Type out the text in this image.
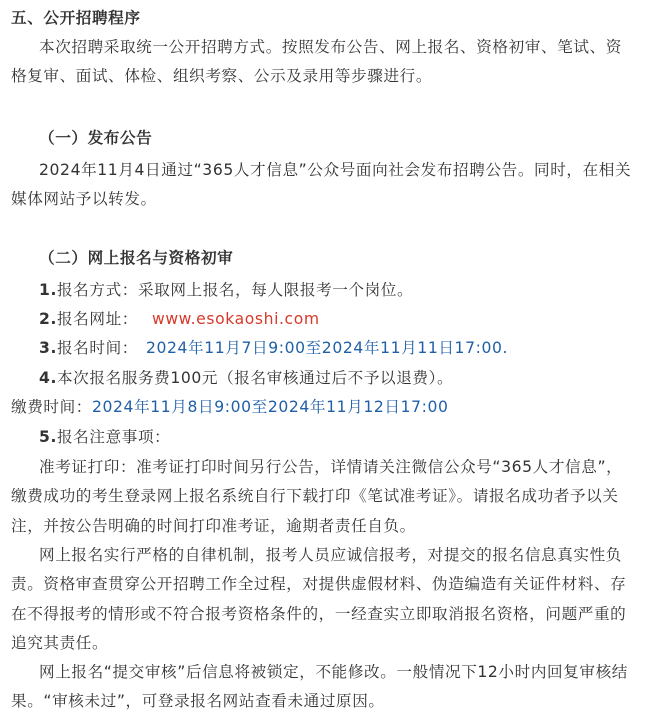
五、公开招聘程序
本次招聘采取统一公开招聘方式。按照发布公告、网上报名、资格初审、笔试、资
格复审、面试、体检、组织考察、公示及录用等步骤进行。
（一）发布公告
2024年11月4日通过“365人才信息”公众号面向社会发布招聘公告。同时，在相关
媒体网站予以转发。
（二）网上报名与资格初审
1.报名方式：采取网上报名，每人限报考一个岗位。
2.报名网址： www.esokaoshi.com
3.报名时间： 2024年11月7日9:00至2024年11月11日17:00.
4.本次报名服务费100元（报名审核通过后不予以退费）。
缴费时间：2024年11月8日9:00至2024年11月12日17:00
5.报名注意事项：
准考证打印：准考证打印时间另行公告，详情请关注微信公众号“365人才信息”，
缴费成功的考生登录网上报名系统自行下载打印《笔试准考证》。请报名成功者予以关
注，并按公告明确的时间打印准考证，逾期者责任自负。
网上报名实行严格的自律机制，报考人员应诚信报考，对提交的报名信息真实性负
责。资格审查贯穿公开招聘工作全过程，对提供虚假材料、伪造编造有关证件材料、存
在不得报考的情形或不符合报考资格条件的，一经查实立即取消报名资格，问题严重的
追究其责任。
网上报名“提交审核”后信息将被锁定，不能修改。一般情况下12小时内回复审核结
果。“审核未过”，可登录报名网站查看未通过原因。
